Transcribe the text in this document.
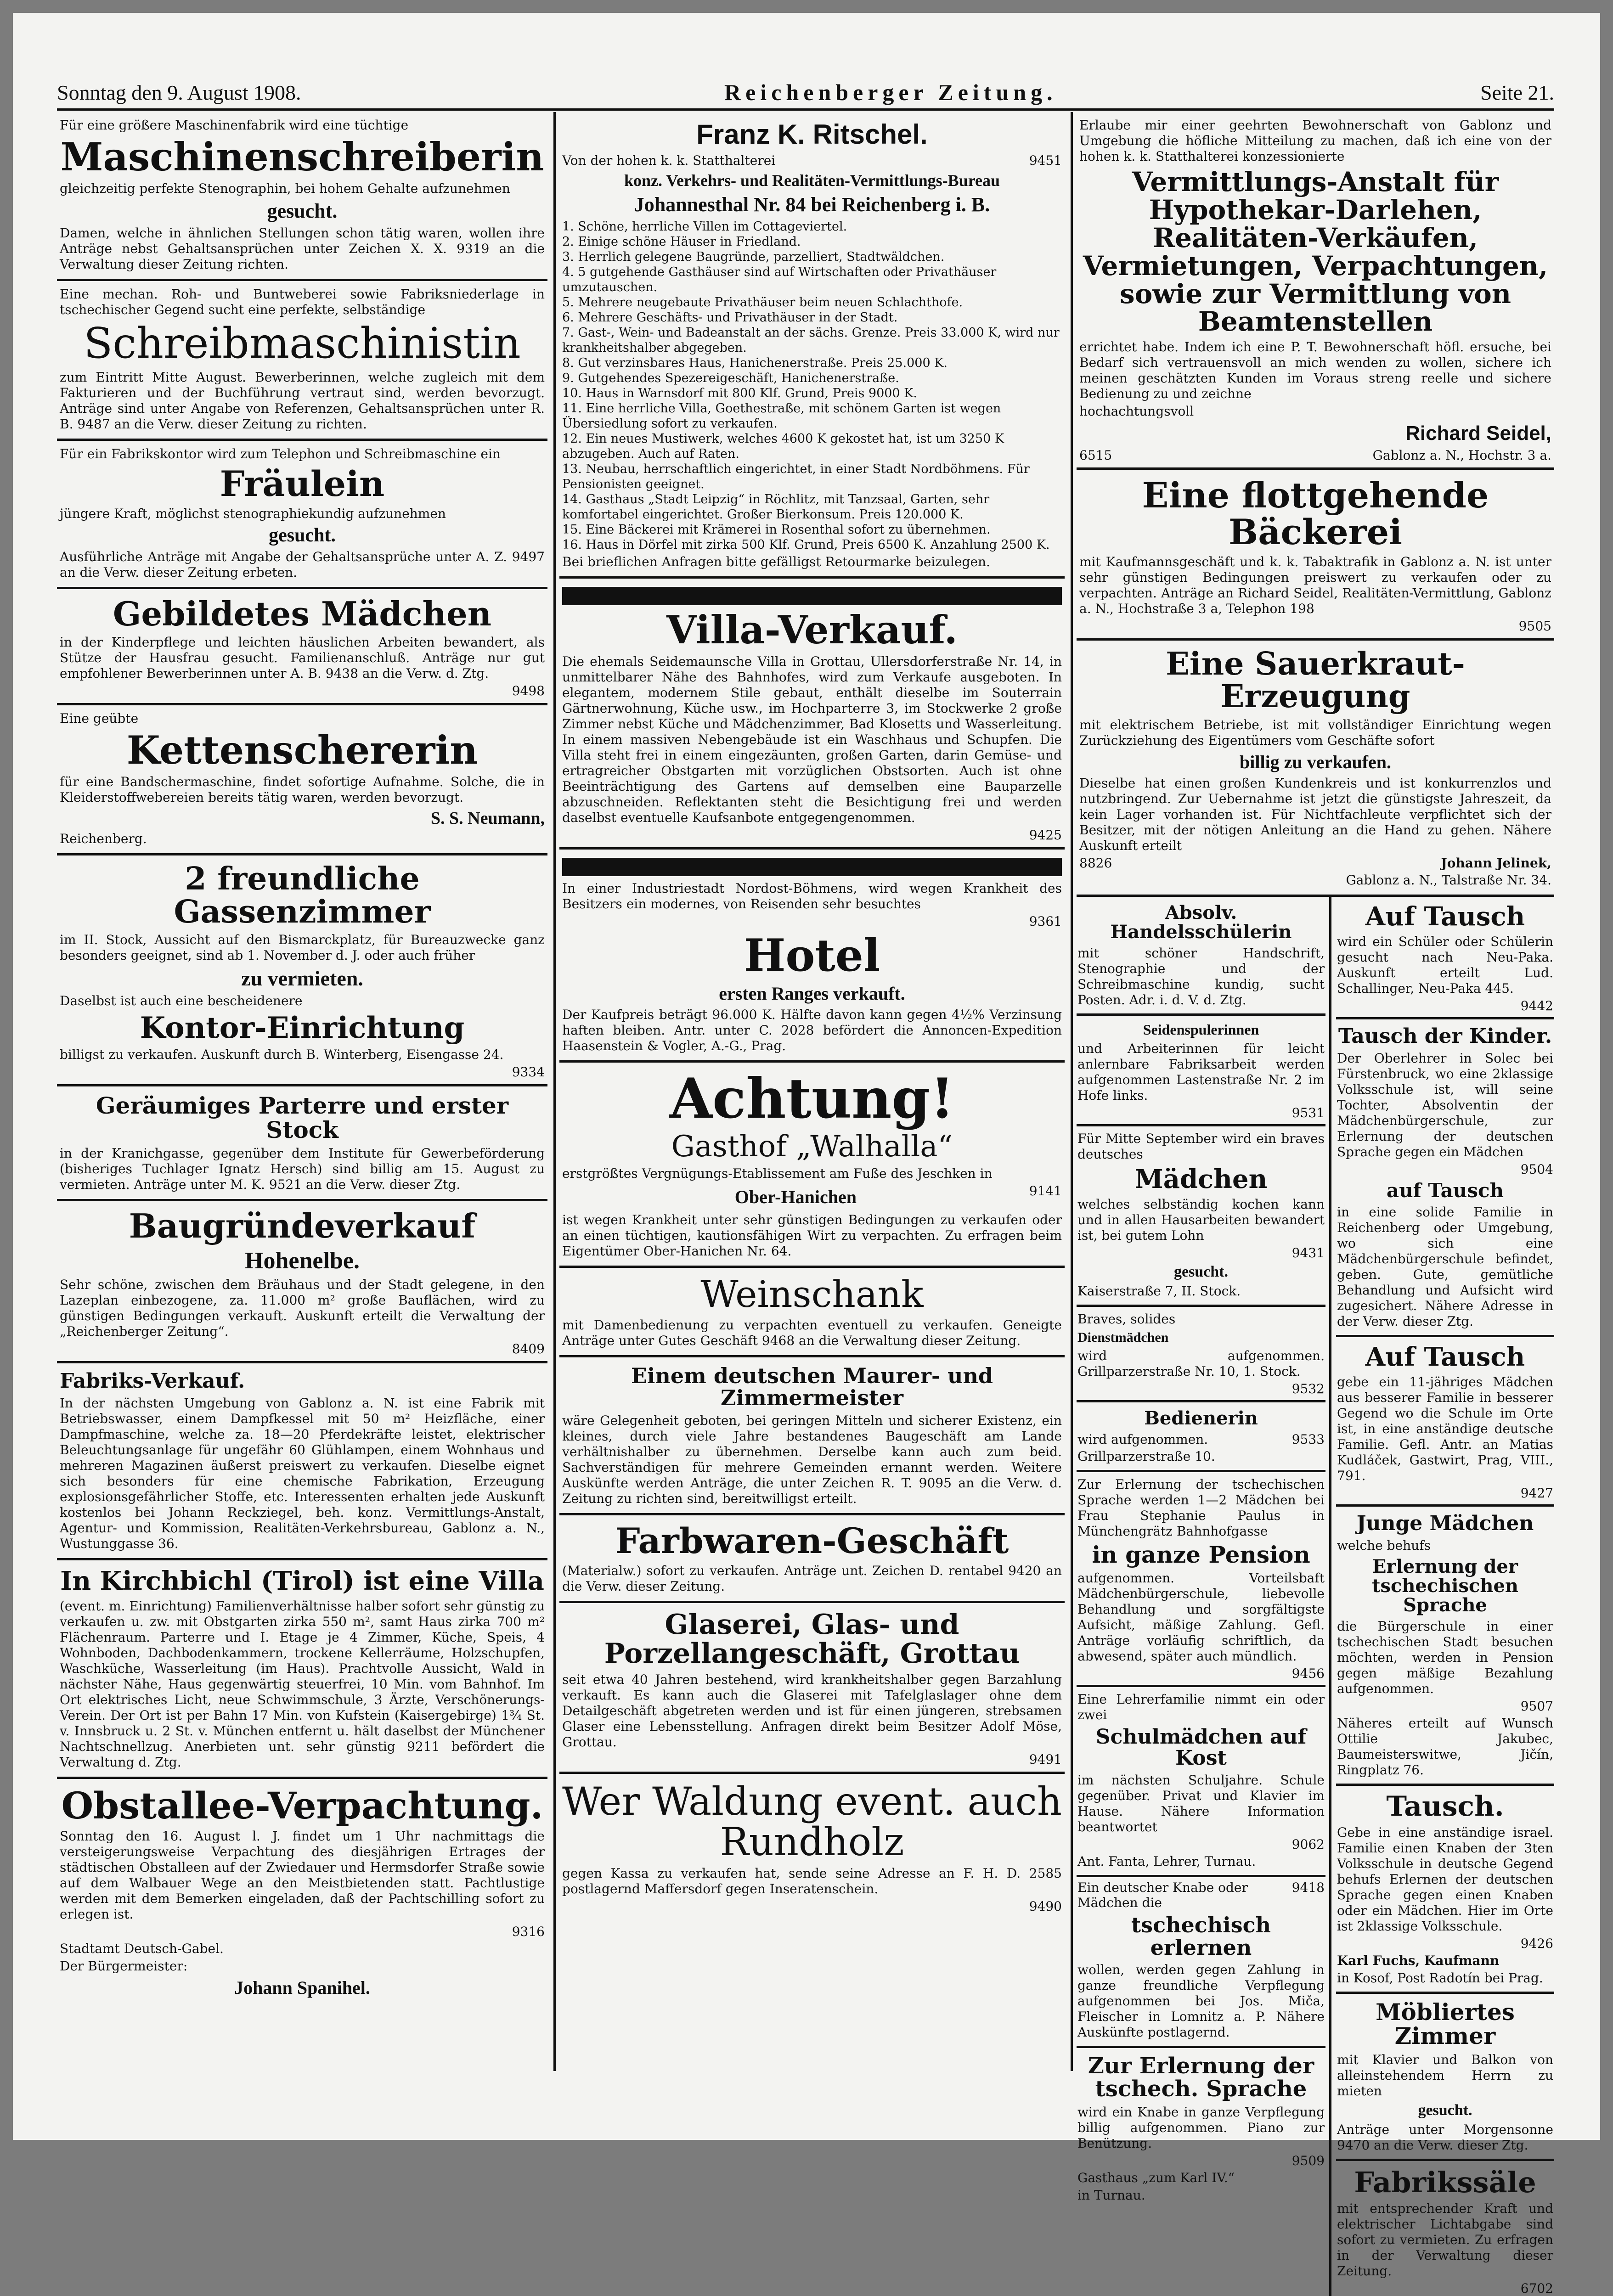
Sonntag den 9. August 1908.	Reichenberger Zeitung.	Seite 21.

Für eine größere Maschinenfabrik wird eine tüchtige

Maschinenschreiberin

gleichzeitig perfekte Stenographin, bei hohem Gehalte aufzunehmen

gesucht.

Damen, welche in ähnlichen Stellungen schon tätig waren, wollen ihre Anträge nebst Gehaltsansprüchen unter Zeichen X. X. 9319 an die Verwaltung dieser Zeitung richten.

Eine mechan. Roh- und Buntweberei sowie Fabriksniederlage in tschechischer Gegend sucht eine perfekte, selbständige

Schreibmaschinistin

zum Eintritt Mitte August. Bewerberinnen, welche zugleich mit dem Fakturieren und der Buchführung vertraut sind, werden bevorzugt. Anträge sind unter Angabe von Referenzen, Gehaltsansprüchen unter R. B. 9487 an die Verw. dieser Zeitung zu richten.

Für ein Fabrikskontor wird zum Telephon und Schreibmaschine ein

Fräulein

jüngere Kraft, möglichst stenographiekundig aufzunehmen

gesucht.

Ausführliche Anträge mit Angabe der Gehaltsansprüche unter A. Z. 9497 an die Verw. dieser Zeitung erbeten.

Gebildetes Mädchen

in der Kinderpflege und leichten häuslichen Arbeiten bewandert, als Stütze der Hausfrau gesucht. Familienanschluß. Anträge nur gut empfohlener Bewerberinnen unter A. B. 9438 an die Verw. d. Ztg.

9498

Eine geübte

Kettenschererin

für eine Bandschermaschine, findet sofortige Aufnahme. Solche, die in Kleiderstoffwebereien bereits tätig waren, werden bevorzugt.

S. S. Neumann,

Reichenberg.

2 freundliche Gassenzimmer

im II. Stock, Aussicht auf den Bismarckplatz, für Bureauzwecke ganz besonders geeignet, sind ab 1. November d. J. oder auch früher

zu vermieten.

Daselbst ist auch eine bescheidenere

Kontor-Einrichtung

billigst zu verkaufen. Auskunft durch B. Winterberg, Eisengasse 24.

9334
Geräumiges Parterre und erster Stock

in der Kranichgasse, gegenüber dem Institute für Gewerbeförderung (bisheriges Tuchlager Ignatz Hersch) sind billig am 15. August zu vermieten. Anträge unter M. K. 9521 an die Verw. dieser Ztg.

Baugründeverkauf
Hohenelbe.

Sehr schöne, zwischen dem Bräuhaus und der Stadt gelegene, in den Lazeplan einbezogene, za. 11.000 m² große Bauflächen, wird zu günstigen Bedingungen verkauft. Auskunft erteilt die Verwaltung der „Reichenberger Zeitung“.

8409
Fabriks-Verkauf.

In der nächsten Umgebung von Gablonz a. N. ist eine Fabrik mit Betriebswasser, einem Dampfkessel mit 50 m² Heizfläche, einer Dampfmaschine, welche za. 18—20 Pferdekräfte leistet, elektrischer Beleuchtungsanlage für ungefähr 60 Glühlampen, einem Wohnhaus und mehreren Magazinen äußerst preiswert zu verkaufen. Dieselbe eignet sich besonders für eine chemische Fabrikation, Erzeugung explosionsgefährlicher Stoffe, etc. Interessenten erhalten jede Auskunft kostenlos bei Johann Reckziegel, beh. konz. Vermittlungs-Anstalt, Agentur- und Kommission, Realitäten-Verkehrsbureau, Gablonz a. N., Wustunggasse 36.

In Kirchbichl (Tirol) ist eine Villa

(event. m. Einrichtung) Familienverhältnisse halber sofort sehr günstig zu verkaufen u. zw. mit Obstgarten zirka 550 m², samt Haus zirka 700 m² Flächenraum. Parterre und I. Etage je 4 Zimmer, Küche, Speis, 4 Wohnboden, Dachbodenkammern, trockene Kellerräume, Holzschupfen, Waschküche, Wasserleitung (im Haus). Prachtvolle Aussicht, Wald in nächster Nähe, Haus gegenwärtig steuerfrei, 10 Min. vom Bahnhof. Im Ort elektrisches Licht, neue Schwimmschule, 3 Ärzte, Verschönerungs-Verein. Der Ort ist per Bahn 17 Min. von Kufstein (Kaisergebirge) 1¾ St. v. Innsbruck u. 2 St. v. München entfernt u. hält daselbst der Münchener Nachtschnellzug. Anerbieten unt. sehr günstig 9211 befördert die Verwaltung d. Ztg.

Obstallee-Verpachtung.

Sonntag den 16. August l. J. findet um 1 Uhr nachmittags die versteigerungsweise Verpachtung des diesjährigen Ertrages der städtischen Obstalleen auf der Zwiedauer und Hermsdorfer Straße sowie auf dem Walbauer Wege an den Meistbietenden statt. Pachtlustige werden mit dem Bemerken eingeladen, daß der Pachtschilling sofort zu erlegen ist.

9316

Stadtamt Deutsch-Gabel.

Der Bürgermeister:

Johann Spanihel.
Franz K. Ritschel.
Von der hohen k. k. Statthalterei	9451
konz. Verkehrs- und Realitäten-Vermittlungs-Bureau
Johannesthal Nr. 84 bei Reichenberg i. B.

1. Schöne, herrliche Villen im Cottageviertel.

2. Einige schöne Häuser in Friedland.

3. Herrlich gelegene Baugründe, parzelliert, Stadtwäldchen.

4. 5 gutgehende Gasthäuser sind auf Wirtschaften oder Privathäuser umzutauschen.

5. Mehrere neugebaute Privathäuser beim neuen Schlachthofe.

6. Mehrere Geschäfts- und Privathäuser in der Stadt.

7. Gast-, Wein- und Badeanstalt an der sächs. Grenze. Preis 33.000 K, wird nur krankheitshalber abgegeben.

8. Gut verzinsbares Haus, Hanichenerstraße. Preis 25.000 K.

9. Gutgehendes Spezereigeschäft, Hanichenerstraße.

10. Haus in Warnsdorf mit 800 Klf. Grund, Preis 9000 K.

11. Eine herrliche Villa, Goethestraße, mit schönem Garten ist wegen Übersiedlung sofort zu verkaufen.

12. Ein neues Mustiwerk, welches 4600 K gekostet hat, ist um 3250 K abzugeben. Auch auf Raten.

13. Neubau, herrschaftlich eingerichtet, in einer Stadt Nordböhmens. Für Pensionisten geeignet.

14. Gasthaus „Stadt Leipzig“ in Röchlitz, mit Tanzsaal, Garten, sehr komfortabel eingerichtet. Großer Bierkonsum. Preis 120.000 K.

15. Eine Bäckerei mit Krämerei in Rosenthal sofort zu übernehmen.

16. Haus in Dörfel mit zirka 500 Klf. Grund, Preis 6500 K. Anzahlung 2500 K.

Bei brieflichen Anfragen bitte gefälligst Retourmarke beizulegen.

Villa-Verkauf.

Die ehemals Seidemaunsche Villa in Grottau, Ullersdorferstraße Nr. 14, in unmittelbarer Nähe des Bahnhofes, wird zum Verkaufe ausgeboten. In elegantem, modernem Stile gebaut, enthält dieselbe im Souterrain Gärtnerwohnung, Küche usw., im Hochparterre 3, im Stockwerke 2 große Zimmer nebst Küche und Mädchenzimmer, Bad Klosetts und Wasserleitung. In einem massiven Nebengebäude ist ein Waschhaus und Schupfen. Die Villa steht frei in einem eingezäunten, großen Garten, darin Gemüse- und ertragreicher Obstgarten mit vorzüglichen Obstsorten. Auch ist ohne Beeinträchtigung des Gartens auf demselben eine Bauparzelle abzuschneiden. Reflektanten steht die Besichtigung frei und werden daselbst eventuelle Kaufsanbote entgegengenommen.

9425

In einer Industriestadt Nordost-Böhmens, wird wegen Krankheit des Besitzers ein modernes, von Reisenden sehr besuchtes

9361
Hotel
ersten Ranges verkauft.

Der Kaufpreis beträgt 96.000 K. Hälfte davon kann gegen 4½% Verzinsung haften bleiben. Antr. unter C. 2028 befördert die Annoncen-Expedition Haasenstein & Vogler, A.-G., Prag.

Achtung!
Gasthof „Walhalla“

erstgrößtes Vergnügungs-Etablissement am Fuße des Jeschken in

Ober-Hanichen	9141

ist wegen Krankheit unter sehr günstigen Bedingungen zu verkaufen oder an einen tüchtigen, kautionsfähigen Wirt zu verpachten. Zu erfragen beim Eigentümer Ober-Hanichen Nr. 64.

Weinschank

mit Damenbedienung zu verpachten eventuell zu verkaufen. Geneigte Anträge unter Gutes Geschäft 9468 an die Verwaltung dieser Zeitung.

Einem deutschen Maurer- und Zimmermeister

wäre Gelegenheit geboten, bei geringen Mitteln und sicherer Existenz, ein kleines, durch viele Jahre bestandenes Baugeschäft am Lande verhältnishalber zu übernehmen. Derselbe kann auch zum beid. Sachverständigen für mehrere Gemeinden ernannt werden. Weitere Auskünfte werden Anträge, die unter Zeichen R. T. 9095 an die Verw. d. Zeitung zu richten sind, bereitwilligst erteilt.

Farbwaren-Geschäft

(Materialw.) sofort zu verkaufen. Anträge unt. Zeichen D. rentabel 9420 an die Verw. dieser Zeitung.

Glaserei, Glas- und Porzellangeschäft, Grottau

seit etwa 40 Jahren bestehend, wird krankheitshalber gegen Barzahlung verkauft. Es kann auch die Glaserei mit Tafelglaslager ohne dem Detailgeschäft abgetreten werden und ist für einen jüngeren, strebsamen Glaser eine Lebensstellung. Anfragen direkt beim Besitzer Adolf Möse, Grottau.

9491
Wer Waldung event. auch Rundholz

gegen Kassa zu verkaufen hat, sende seine Adresse an F. H. D. 2585 postlagernd Maffersdorf gegen Inseratenschein.

9490

Erlaube mir einer geehrten Bewohnerschaft von Gablonz und Umgebung die höfliche Mitteilung zu machen, daß ich eine von der hohen k. k. Statthalterei konzessionierte

Vermittlungs-Anstalt für Hypothekar-Darlehen, Realitäten-Verkäufen, Vermietungen, Verpachtungen, sowie zur Vermittlung von Beamtenstellen

errichtet habe. Indem ich eine P. T. Bewohnerschaft höfl. ersuche, bei Bedarf sich vertrauensvoll an mich wenden zu wollen, sichere ich meinen geschätzten Kunden im Voraus streng reelle und sichere Bedienung zu und zeichne

hochachtungsvoll

Richard Seidel,
6515	Gablonz a. N., Hochstr. 3 a.
Eine flottgehende Bäckerei

mit Kaufmannsgeschäft und k. k. Tabaktrafik in Gablonz a. N. ist unter sehr günstigen Bedingungen preiswert zu verkaufen oder zu verpachten. Anträge an Richard Seidel, Realitäten-Vermittlung, Gablonz a. N., Hochstraße 3 a, Telephon 198

9505
Eine Sauerkraut-Erzeugung

mit elektrischem Betriebe, ist mit vollständiger Einrichtung wegen Zurückziehung des Eigentümers vom Geschäfte sofort

billig zu verkaufen.

Dieselbe hat einen großen Kundenkreis und ist konkurrenzlos und nutzbringend. Zur Uebernahme ist jetzt die günstigste Jahreszeit, da kein Lager vorhanden ist. Für Nichtfachleute verpflichtet sich der Besitzer, mit der nötigen Anleitung an die Hand zu gehen. Nähere Auskunft erteilt

8826	Johann Jelinek,

Gablonz a. N., Talstraße Nr. 34.

Absolv. Handelsschülerin

mit schöner Handschrift, Stenographie und der Schreibmaschine kundig, sucht Posten. Adr. i. d. V. d. Ztg.

Seidenspulerinnen

und Arbeiterinnen für leicht anlernbare Fabriksarbeit werden aufgenommen Lastenstraße Nr. 2 im Hofe links.

9531

Für Mitte September wird ein braves deutsches

Mädchen

welches selbständig kochen kann und in allen Hausarbeiten bewandert ist, bei gutem Lohn

9431
gesucht.

Kaiserstraße 7, II. Stock.

Braves, solides

Dienstmädchen

wird aufgenommen. Grillparzerstraße Nr. 10, 1. Stock.

9532
Bedienerin
wird aufgenommen.	9533

Grillparzerstraße 10.

Zur Erlernung der tschechischen Sprache werden 1—2 Mädchen bei Frau Stephanie Paulus in Münchengrätz Bahnhofgasse

in ganze Pension

aufgenommen. Vorteilsbaft Mädchenbürgerschule, liebevolle Behandlung und sorgfältigste Aufsicht, mäßige Zahlung. Gefl. Anträge vorläufig schriftlich, da abwesend, später auch mündlich.

9456

Eine Lehrerfamilie nimmt ein oder zwei

Schulmädchen auf Kost

im nächsten Schuljahre. Schule gegenüber. Privat und Klavier im Hause. Nähere Information beantwortet

9062

Ant. Fanta, Lehrer, Turnau.

Ein deutscher Knabe oder Mädchen die
9418
tschechisch erlernen

wollen, werden gegen Zahlung in ganze freundliche Verpflegung aufgenommen bei Jos. Miča, Fleischer in Lomnitz a. P. Nähere Auskünfte postlagernd.

Zur Erlernung der tschech. Sprache

wird ein Knabe in ganze Verpflegung billig aufgenommen. Piano zur Benützung.

9509

Gasthaus „zum Karl IV.“

in Turnau.

Auf Tausch

wird ein Schüler oder Schülerin gesucht nach Neu-Paka. Auskunft erteilt Lud. Schallinger, Neu-Paka 445.

9442
Tausch der Kinder.

Der Oberlehrer in Solec bei Fürstenbruck, wo eine 2klassige Volksschule ist, will seine Tochter, Absolventin der Mädchenbürgerschule, zur Erlernung der deutschen Sprache gegen ein Mädchen

9504
auf Tausch

in eine solide Familie in Reichenberg oder Umgebung, wo sich eine Mädchenbürgerschule befindet, geben. Gute, gemütliche Behandlung und Aufsicht wird zugesichert. Nähere Adresse in der Verw. dieser Ztg.

Auf Tausch

gebe ein 11-jähriges Mädchen aus besserer Familie in besserer Gegend wo die Schule im Orte ist, in eine anständige deutsche Familie. Gefl. Antr. an Matias Kudláček, Gastwirt, Prag, VIII., 791.

9427
Junge Mädchen

welche behufs

Erlernung der tschechischen Sprache

die Bürgerschule in einer tschechischen Stadt besuchen möchten, werden in Pension gegen mäßige Bezahlung aufgenommen.

9507

Näheres erteilt auf Wunsch Ottilie Jakubec, Baumeisterswitwe, Jičín, Ringplatz 76.

Tausch.

Gebe in eine anständige israel. Familie einen Knaben der 3ten Volksschule in deutsche Gegend behufs Erlernen der deutschen Sprache gegen einen Knaben oder ein Mädchen. Hier im Orte ist 2klassige Volksschule.

9426

Karl Fuchs, Kaufmann

in Kosof, Post Radotín bei Prag.

Möbliertes Zimmer

mit Klavier und Balkon von alleinstehendem Herrn zu mieten

gesucht.

Anträge unter Morgensonne 9470 an die Verw. dieser Ztg.

Fabrikssäle

mit entsprechender Kraft und elektrischer Lichtabgabe sind sofort zu vermieten. Zu erfragen in der Verwaltung dieser Zeitung.

6702
